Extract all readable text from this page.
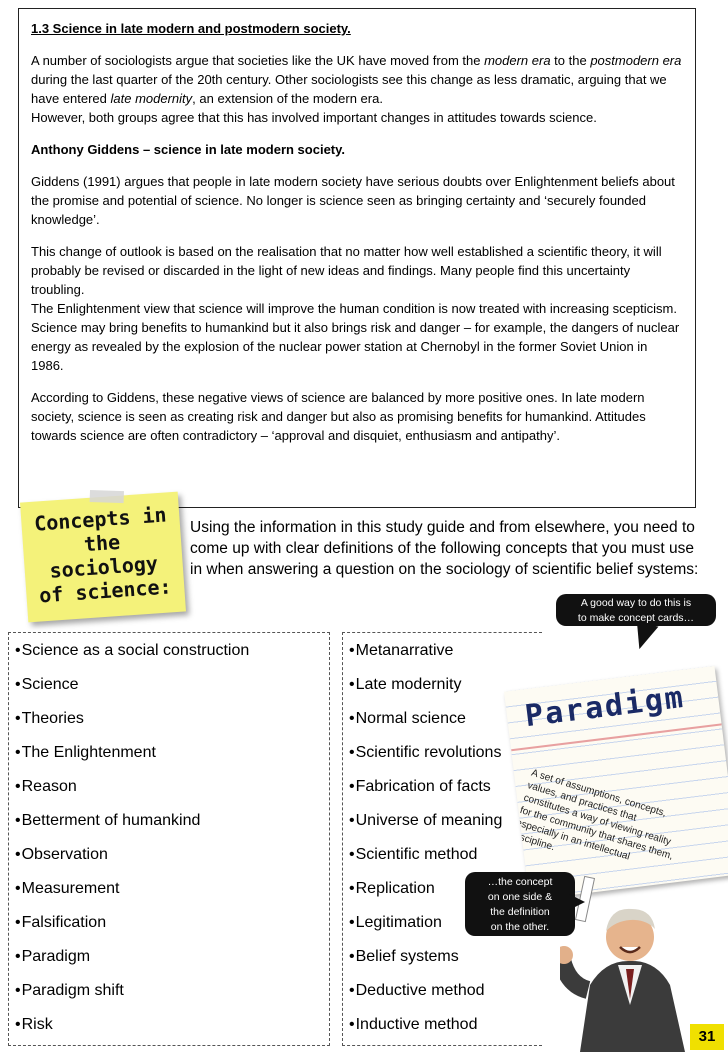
1.3 Science in late modern and postmodern society.

A number of sociologists argue that societies like the UK have moved from the modern era to the postmodern era during the last quarter of the 20th century. Other sociologists see this change as less dramatic, arguing that we have entered late modernity, an extension of the modern era.

However, both groups agree that this has involved important changes in attitudes towards science.

Anthony Giddens – science in late modern society.

Giddens (1991) argues that people in late modern society have serious doubts over Enlightenment beliefs about the promise and potential of science. No longer is science seen as bringing certainty and ‘securely founded knowledge’.

This change of outlook is based on the realisation that no matter how well established a scientific theory, it will probably be revised or discarded in the light of new ideas and findings. Many people find this uncertainty troubling.

The Enlightenment view that science will improve the human condition is now treated with increasing scepticism. Science may bring benefits to humankind but it also brings risk and danger – for example, the dangers of nuclear energy as revealed by the explosion of the nuclear power station at Chernobyl in the former Soviet Union in 1986.

According to Giddens, these negative views of science are balanced by more positive ones. In late modern society, science is seen as creating risk and danger but also as promising benefits for humankind. Attitudes towards science are often contradictory – ‘approval and disquiet, enthusiasm and antipathy’.

Concepts in
the
sociology
of science:
Using the information in this study guide and from elsewhere, you need to come up with clear definitions of the following concepts that you must use in when answering a question on the sociology of scientific belief systems:
A good way to do this is
to make concept cards…
•Science as a social construction
•Science
•Theories
•The Enlightenment
•Reason
•Betterment of humankind
•Observation
•Measurement
•Falsification
•Paradigm
•Paradigm shift
•Risk
•Metanarrative
•Late modernity
•Normal science
•Scientific revolutions
•Fabrication of facts
•Universe of meaning
•Scientific method
•Replication
•Legitimation
•Belief systems
•Deductive method
•Inductive method
Paradigm
A set of assumptions, concepts, values, and practices that constitutes a way of viewing reality for the community that shares them, especially in an intellectual discipline.
…the concept
on one side &
the definition
on the other.
31
